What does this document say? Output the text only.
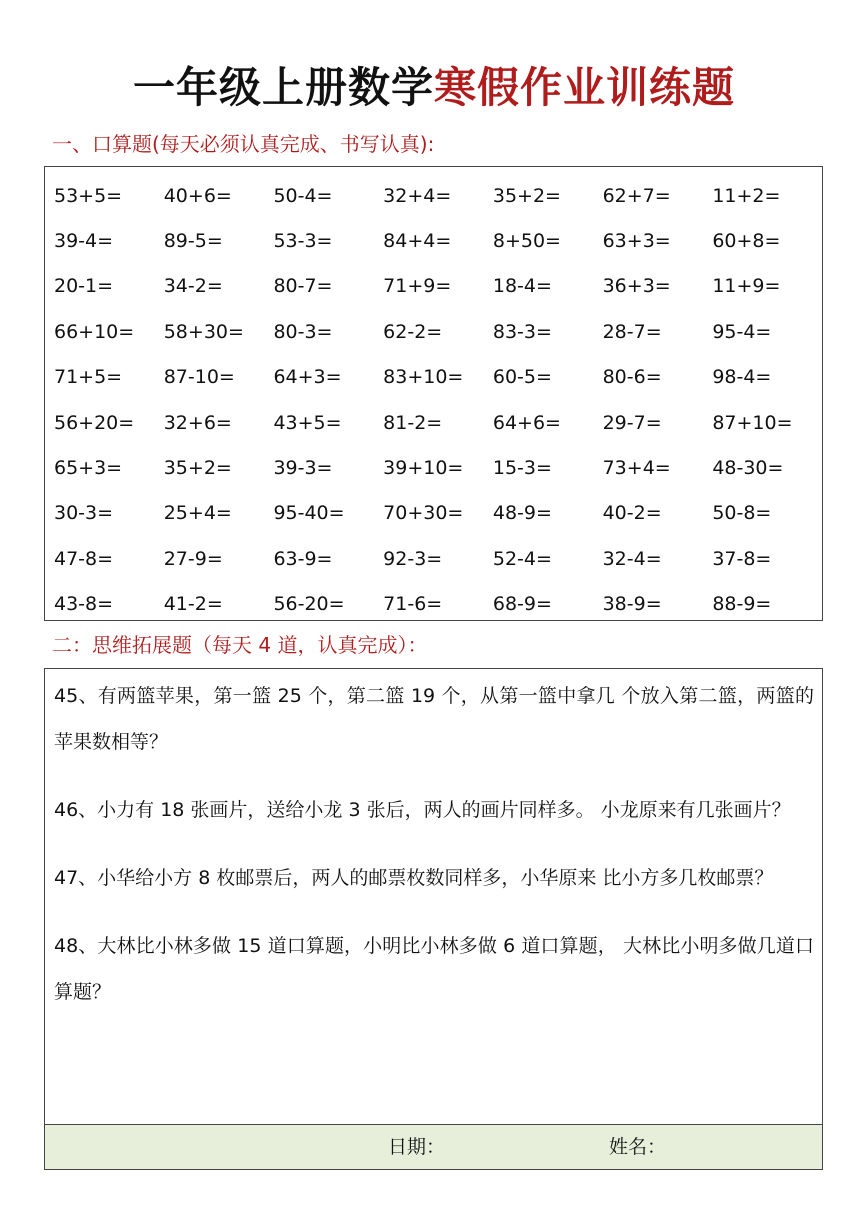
一年级上册数学寒假作业训练题
一、口算题(每天必须认真完成、书写认真):
53+5=	40+6=	50-4=	32+4=	35+2=	62+7=	11+2=
39-4=	89-5=	53-3=	84+4=	8+50=	63+3=	60+8=
20-1=	34-2=	80-7=	71+9=	18-4=	36+3=	11+9=
66+10=	58+30=	80-3=	62-2=	83-3=	28-7=	95-4=
71+5=	87-10=	64+3=	83+10=	60-5=	80-6=	98-4=
56+20=	32+6=	43+5=	81-2=	64+6=	29-7=	87+10=
65+3=	35+2=	39-3=	39+10=	15-3=	73+4=	48-30=
30-3=	25+4=	95-40=	70+30=	48-9=	40-2=	50-8=
47-8=	27-9=	63-9=	92-3=	52-4=	32-4=	37-8=
43-8=	41-2=	56-20=	71-6=	68-9=	38-9=	88-9=
二：思维拓展题（每天 4 道，认真完成）：
45、有两篮苹果，第一篮 25 个，第二篮 19 个，从第一篮中拿几 个放入第二篮，两篮的苹果数相等？
46、小力有 18 张画片，送给小龙 3 张后，两人的画片同样多。 小龙原来有几张画片？
47、小华给小方 8 枚邮票后，两人的邮票枚数同样多，小华原来 比小方多几枚邮票？
48、大林比小林多做 15 道口算题，小明比小林多做 6 道口算题， 大林比小明多做几道口算题？
日期：	姓名：
